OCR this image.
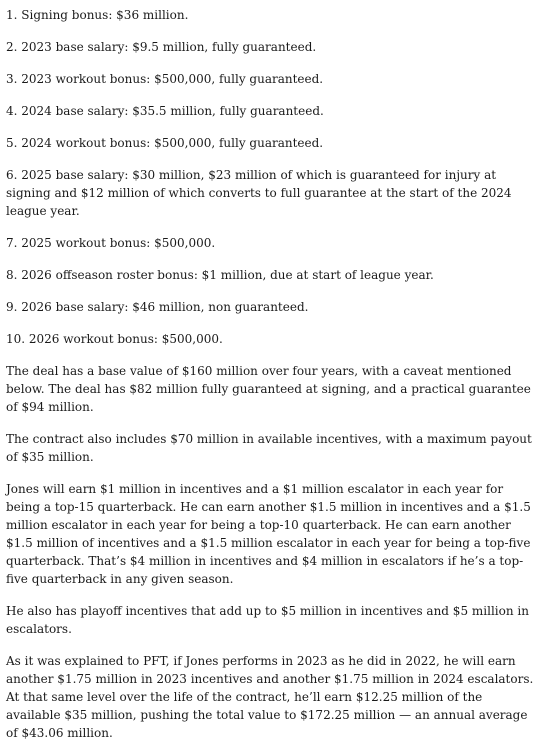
1. Signing bonus: $36 million.

2. 2023 base salary: $9.5 million, fully guaranteed.

3. 2023 workout bonus: $500,000, fully guaranteed.

4. 2024 base salary: $35.5 million, fully guaranteed.

5. 2024 workout bonus: $500,000, fully guaranteed.

6. 2025 base salary: $30 million, $23 million of which is guaranteed for injury at signing and $12 million of which converts to full guarantee at the start of the 2024 league year.

7. 2025 workout bonus: $500,000.

8. 2026 offseason roster bonus: $1 million, due at start of league year.

9. 2026 base salary: $46 million, non guaranteed.

10. 2026 workout bonus: $500,000.

The deal has a base value of $160 million over four years, with a caveat mentioned below. The deal has $82 million fully guaranteed at signing, and a practical guarantee of $94 million.

The contract also includes $70 million in available incentives, with a maximum payout of $35 million.

Jones will earn $1 million in incentives and a $1 million escalator in each year for being a top-15 quarterback. He can earn another $1.5 million in incentives and a $1.5 million escalator in each year for being a top-10 quarterback. He can earn another $1.5 million of incentives and a $1.5 million escalator in each year for being a top-five quarterback. That’s $4 million in incentives and $4 million in escalators if he’s a top-five quarterback in any given season.

He also has playoff incentives that add up to $5 million in incentives and $5 million in escalators.

As it was explained to PFT, if Jones performs in 2023 as he did in 2022, he will earn another $1.75 million in 2023 incentives and another $1.75 million in 2024 escalators. At that same level over the life of the contract, he’ll earn $12.25 million of the available $35 million, pushing the total value to $172.25 million — an annual average of $43.06 million.
